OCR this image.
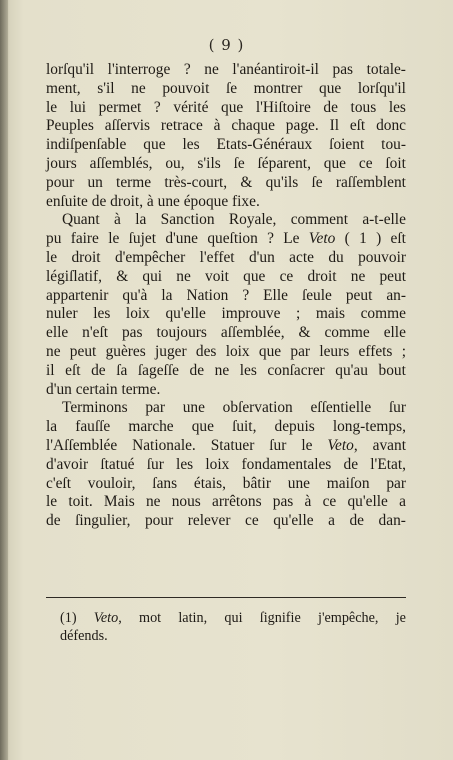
( 9 )
lorſqu'il l'interroge ? ne l'anéantiroit-il pas totale-
ment, s'il ne pouvoit ſe montrer que lorſqu'il
le lui permet ? vérité que l'Hiſtoire de tous les
Peuples aſſervis retrace à chaque page. Il eſt donc
indiſpenſable que les Etats-Généraux ſoient tou-
jours aſſemblés, ou, s'ils ſe ſéparent, que ce ſoit
pour un terme très-court, & qu'ils ſe raſſemblent
enſuite
de
droit,
à
une
époque
fixe.

Quant à la Sanction Royale, comment a-t-elle
pu faire le ſujet d'une queſtion ? Le Veto ( 1 ) eſt
le droit d'empêcher l'effet d'un acte du pouvoir
légiſlatif, & qui ne voit que ce droit ne peut
appartenir qu'à la Nation ? Elle ſeule peut an-
nuler les loix qu'elle improuve ; mais comme
elle n'eſt pas toujours aſſemblée, & comme elle
ne peut guères juger des loix que par leurs effets ;
il eſt de ſa ſageſſe de ne les conſacrer qu'au bout
d'un
certain
terme.

Terminons par une obſervation eſſentielle ſur
la fauſſe marche que ſuit, depuis long-temps,
l'Aſſemblée Nationale. Statuer ſur le Veto, avant
d'avoir ſtatué ſur les loix fondamentales de l'Etat,
c'eſt vouloir, ſans étais, bâtir une maiſon par
le toit. Mais ne nous arrêtons pas à ce qu'elle a
de ſingulier, pour relever ce qu'elle a de dan-
(1) Veto, mot latin, qui ſignifie j'empêche, je
défends.
